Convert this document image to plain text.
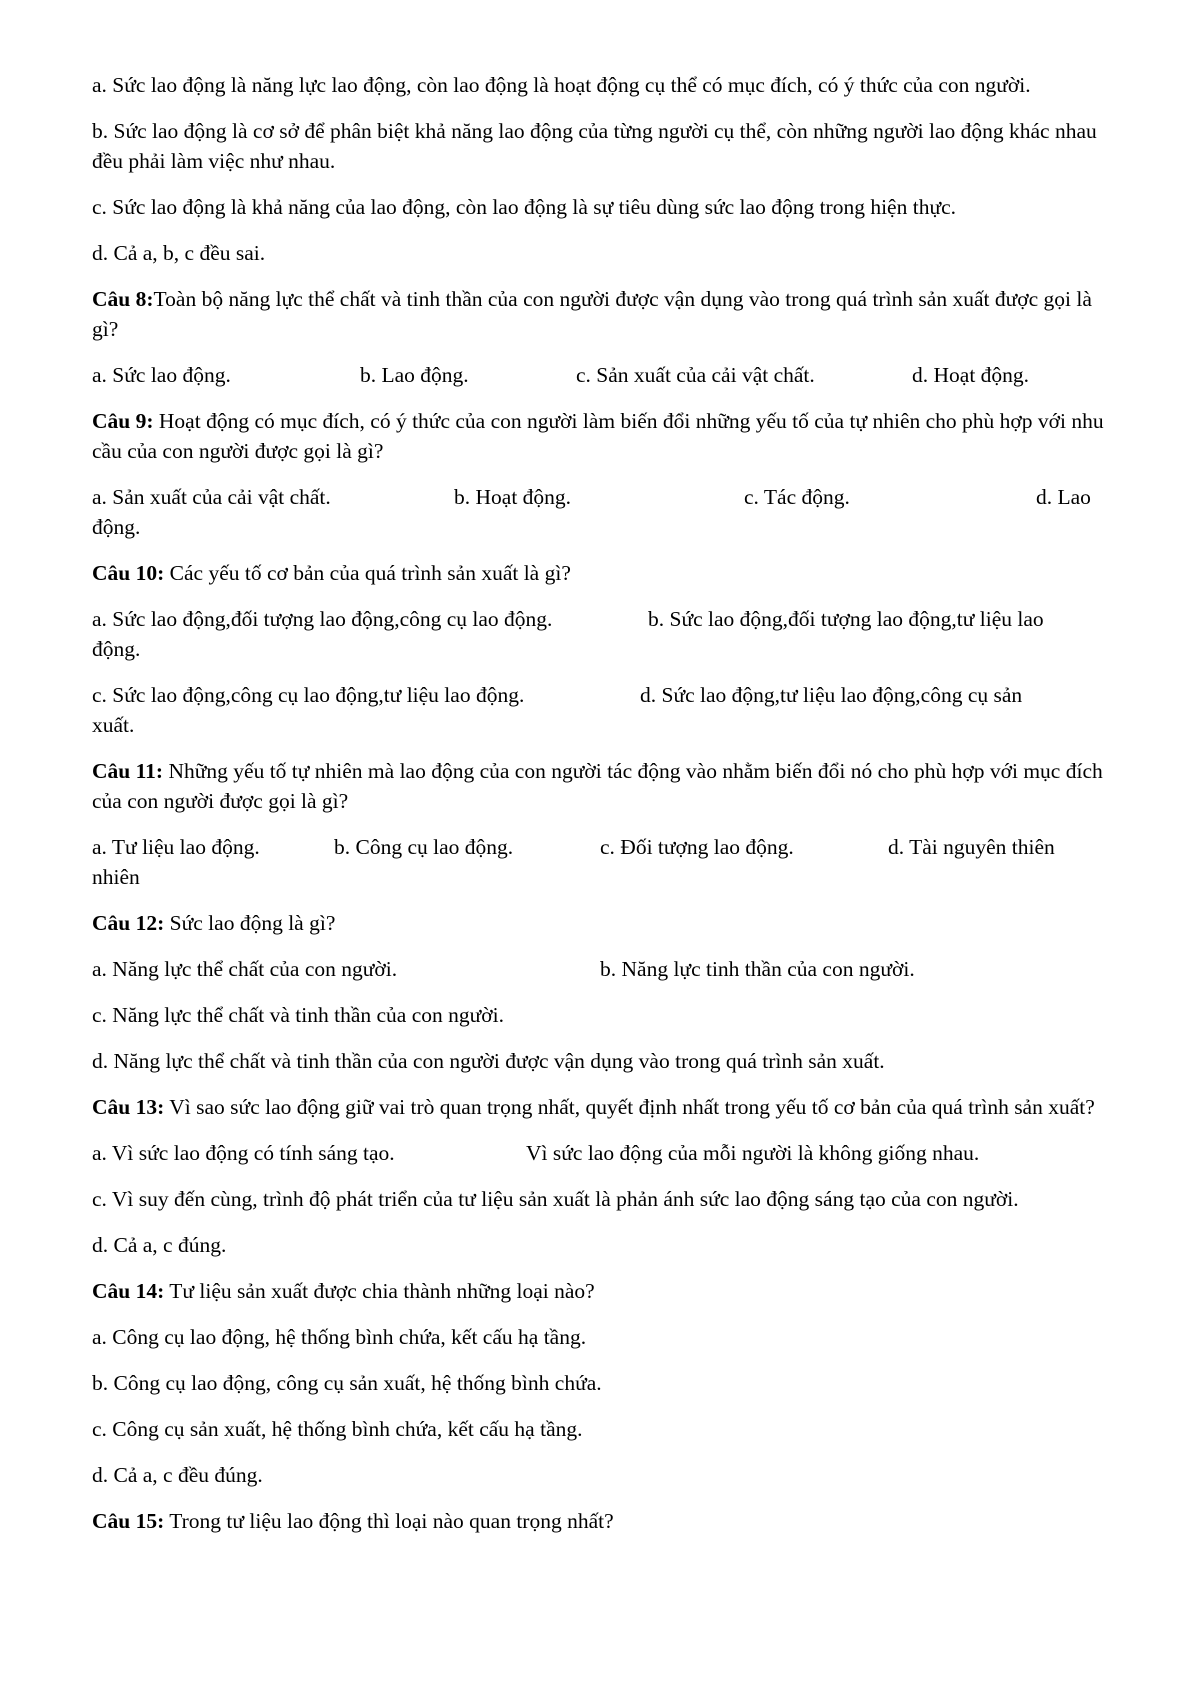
a. Sức lao động là năng lực lao động, còn lao động là hoạt động cụ thể có mục đích, có ý thức của con người.

b. Sức lao động là cơ sở để phân biệt khả năng lao động của từng người cụ thể, còn những người lao động khác nhau đều phải làm việc như nhau.

c. Sức lao động là khả năng của lao động, còn lao động là sự tiêu dùng sức lao động trong hiện thực.

d. Cả a, b, c đều sai.

Câu 8:Toàn bộ năng lực thể chất và tinh thần của con người được vận dụng vào trong quá trình sản xuất được gọi là gì?

a. Sức lao động.	b. Lao động.	c. Sản xuất của cải vật chất.	d. Hoạt động.

Câu 9: Hoạt động có mục đích, có ý thức của con người làm biến đổi những yếu tố của tự nhiên cho phù hợp với nhu cầu của con người được gọi là gì?

a. Sản xuất của cải vật chất.	b. Hoạt động.	c. Tác động.	d. Lao
động.

Câu 10: Các yếu tố cơ bản của quá trình sản xuất là gì?

a. Sức lao động,đối tượng lao động,công cụ lao động.	b. Sức lao động,đối tượng lao động,tư liệu lao
động.
c. Sức lao động,công cụ lao động,tư liệu lao động.	d. Sức lao động,tư liệu lao động,công cụ sản
xuất.

Câu 11: Những yếu tố tự nhiên mà lao động của con người tác động vào nhằm biến đổi nó cho phù hợp với mục đích của con người được gọi là gì?

a. Tư liệu lao động.	b. Công cụ lao động.	c. Đối tượng lao động.	d. Tài nguyên thiên
nhiên

Câu 12: Sức lao động là gì?

a. Năng lực thể chất của con người.	b. Năng lực tinh thần của con người.

c. Năng lực thể chất và tinh thần của con người.

d. Năng lực thể chất và tinh thần của con người được vận dụng vào trong quá trình sản xuất.

Câu 13: Vì sao sức lao động giữ vai trò quan trọng nhất, quyết định nhất trong yếu tố cơ bản của quá trình sản xuất?

a. Vì sức lao động có tính sáng tạo.	Vì sức lao động của mỗi người là không giống nhau.

c. Vì suy đến cùng, trình độ phát triển của tư liệu sản xuất là phản ánh sức lao động sáng tạo của con người.

d. Cả a, c đúng.

Câu 14: Tư liệu sản xuất được chia thành những loại nào?

a. Công cụ lao động, hệ thống bình chứa, kết cấu hạ tầng.

b. Công cụ lao động, công cụ sản xuất, hệ thống bình chứa.

c. Công cụ sản xuất, hệ thống bình chứa, kết cấu hạ tầng.

d. Cả a, c đều đúng.

Câu 15: Trong tư liệu lao động thì loại nào quan trọng nhất?
